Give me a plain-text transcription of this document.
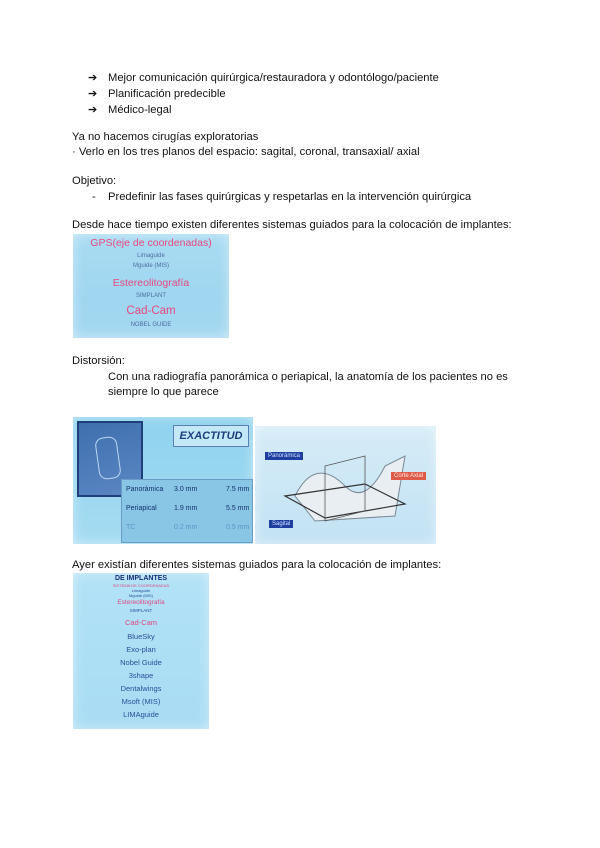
➔ Mejor comunicación quirúrgica/restauradora y odontólogo/paciente
➔ Planificación predecible
➔ Médico-legal
Ya no hacemos cirugías exploratorias
· Verlo en los tres planos del espacio: sagital, coronal, transaxial/ axial
Objetivo:
- Predefinir las fases quirúrgicas y respetarlas en la intervención quirúrgica
Desde hace tiempo existen diferentes sistemas guiados para la colocación de implantes:
GPS(eje de coordenadas)
Limaguide
Mguide (MIS)
Estereolitografía
SIMPLANT
Cad-Cam
NOBEL GUIDE
Distorsión:
Con una radiografía panorámica o periapical, la anatomía de los pacientes no es
siempre lo que parece
EXACTITUD
Panorámica 3.0 mm	7.5 mm
Periapical 1.9 mm	5.5 mm
TC	0.2 mm	0.5 mm
Panorámica
Corte Axial
Sagital
Ayer existían diferentes sistemas guiados para la colocación de implantes:
DE IMPLANTES
SISTEMA DE COORDENADAS
Limaguide
Mguide (MIS)
Estereolitografía
SIMPLANT
Cad-Cam
BlueSky
Exo-plan
Nobel Guide
3shape
Dentalwings
Msoft (MIS)
LIMAguide
